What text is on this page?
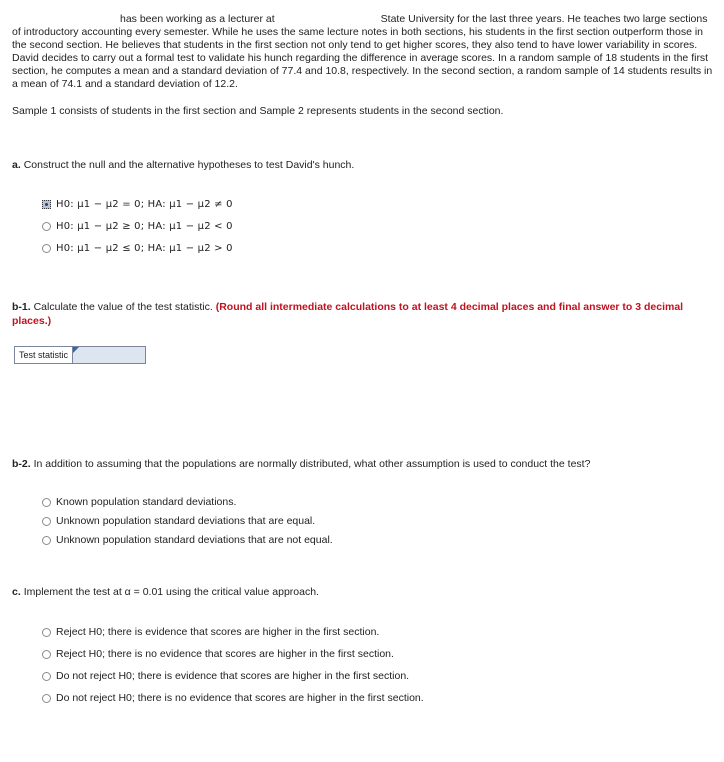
has been working as a lecturer at	State University for the last three years. He teaches two large sections of introductory accounting every semester. While he uses the same lecture notes in both sections, his students in the first section outperform those in the second section. He believes that students in the first section not only tend to get higher scores, they also tend to have lower variability in scores. David decides to carry out a formal test to validate his hunch regarding the difference in average scores. In a random sample of 18 students in the first section, he computes a mean and a standard deviation of 77.4 and 10.8, respectively. In the second section, a random sample of 14 students results in a mean of 74.1 and a standard deviation of 12.2.
Sample 1 consists of students in the first section and Sample 2 represents students in the second section.
a. Construct the null and the alternative hypotheses to test David's hunch.
H0: μ1 − μ2 = 0; HA: μ1 − μ2 ≠ 0
H0: μ1 − μ2 ≥ 0; HA: μ1 − μ2 < 0
H0: μ1 − μ2 ≤ 0; HA: μ1 − μ2 > 0
b-1. Calculate the value of the test statistic. (Round all intermediate calculations to at least 4 decimal places and final answer to 3 decimal places.)
Test statistic
b-2. In addition to assuming that the populations are normally distributed, what other assumption is used to conduct the test?
Known population standard deviations.
Unknown population standard deviations that are equal.
Unknown population standard deviations that are not equal.
c. Implement the test at α = 0.01 using the critical value approach.
Reject H0; there is evidence that scores are higher in the first section.
Reject H0; there is no evidence that scores are higher in the first section.
Do not reject H0; there is evidence that scores are higher in the first section.
Do not reject H0; there is no evidence that scores are higher in the first section.
